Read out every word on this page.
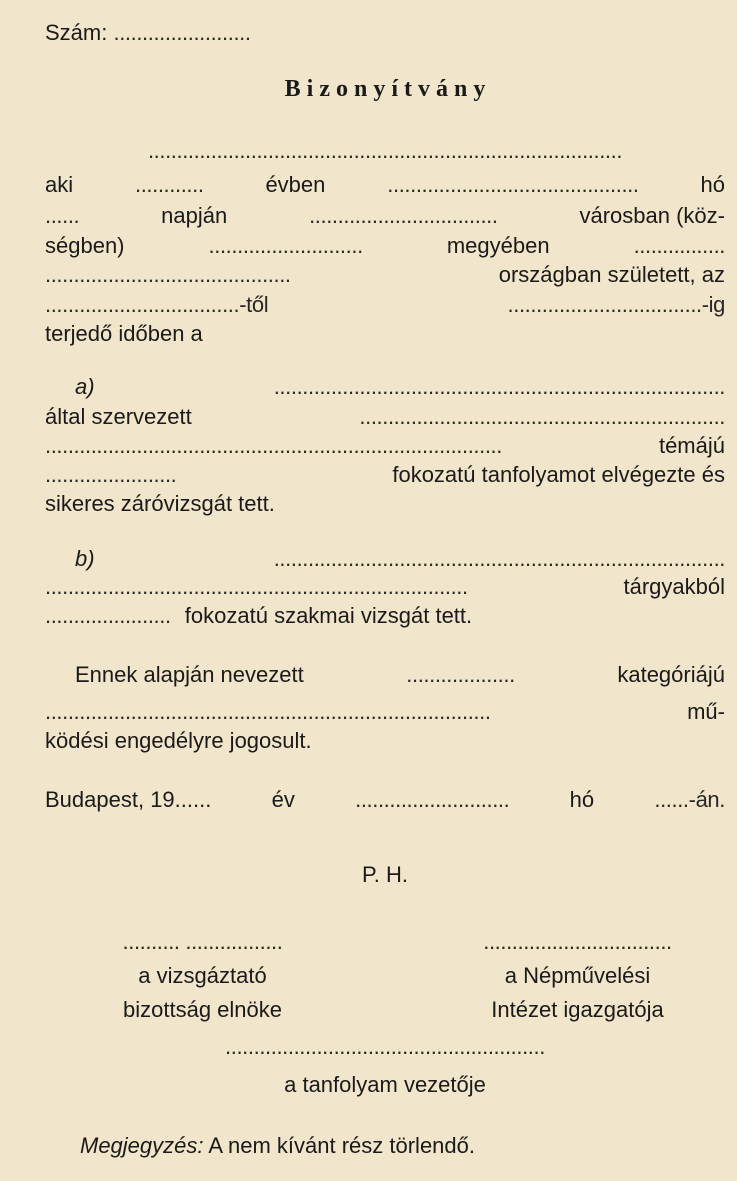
Szám: ........................
B i z o n y í t v á n y
...................................................................................
aki	............	évben	............................................	hó
......	napján	.................................	városban (köz-
ségben)	...........................	megyében	................
...........................................	országban született, az
..................................-től	..................................-ig
terjedő időben a
a)	...............................................................................
által szervezett	................................................................
................................................................................	témájú
.......................	fokozatú tanfolyamot elvégezte és
sikeres záróvizsgát tett.
b)	...............................................................................
..........................................................................	tárgyakból
...................... fokozatú szakmai vizsgát tett.
Ennek alapján nevezett	...................	kategóriájú
..............................................................................	mű-
ködési engedélyre jogosult.
Budapest, 19......	év	...........................	hó	......-án.
P. H.
.......... .................
a vizsgáztató
bizottság elnöke
.................................
a Népművelési
Intézet igazgatója
........................................................
a tanfolyam vezetője
Megjegyzés: A nem kívánt rész törlendő.
